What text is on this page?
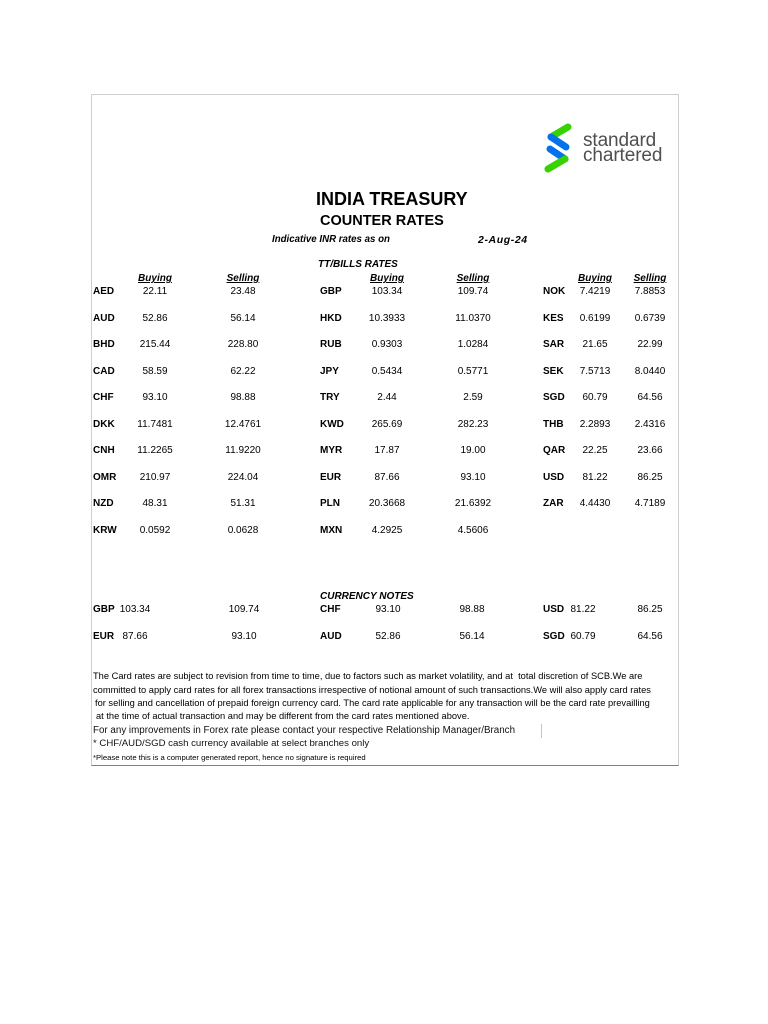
standard
chartered
INDIA TREASURY
COUNTER RATES
Indicative INR rates as on	2-Aug-24
TT/BILLS RATES
Buying	Selling	Buying	Selling	Buying	Selling
AED	22.11	23.48	GBP	103.34	109.74	NOK	7.4219	7.8853
AUD	52.86	56.14	HKD	10.3933	11.0370	KES	0.6199	0.6739
BHD	215.44	228.80	RUB	0.9303	1.0284	SAR	21.65	22.99
CAD	58.59	62.22	JPY	0.5434	0.5771	SEK	7.5713	8.0440
CHF	93.10	98.88	TRY	2.44	2.59	SGD	60.79	64.56
DKK	11.7481	12.4761	KWD	265.69	282.23	THB	2.2893	2.4316
CNH	11.2265	11.9220	MYR	17.87	19.00	QAR	22.25	23.66
OMR	210.97	224.04	EUR	87.66	93.10	USD	81.22	86.25
NZD	48.31	51.31	PLN	20.3668	21.6392	ZAR	4.4430	4.7189
KRW	0.0592	0.0628	MXN	4.2925	4.5606
CURRENCY NOTES
GBP 103.34	109.74	CHF	93.10	98.88	USD 81.22	86.25
EUR 87.66	93.10	AUD	52.86	56.14	SGD 60.79	64.56
The Card rates are subject to revision from time to time, due to factors such as market volatility, and at  total discretion of SCB.We are
committed to apply card rates for all forex transactions irrespective of notional amount of such transactions.We will also apply card rates
for selling and cancellation of prepaid foreign currency card. The card rate applicable for any transaction will be the card rate prevailling
at the time of actual transaction and may be different from the card rates mentioned above.
For any improvements in Forex rate please contact your respective Relationship Manager/Branch
* CHF/AUD/SGD cash currency available at select branches only
*Please note this is a computer generated report, hence no signature is required
